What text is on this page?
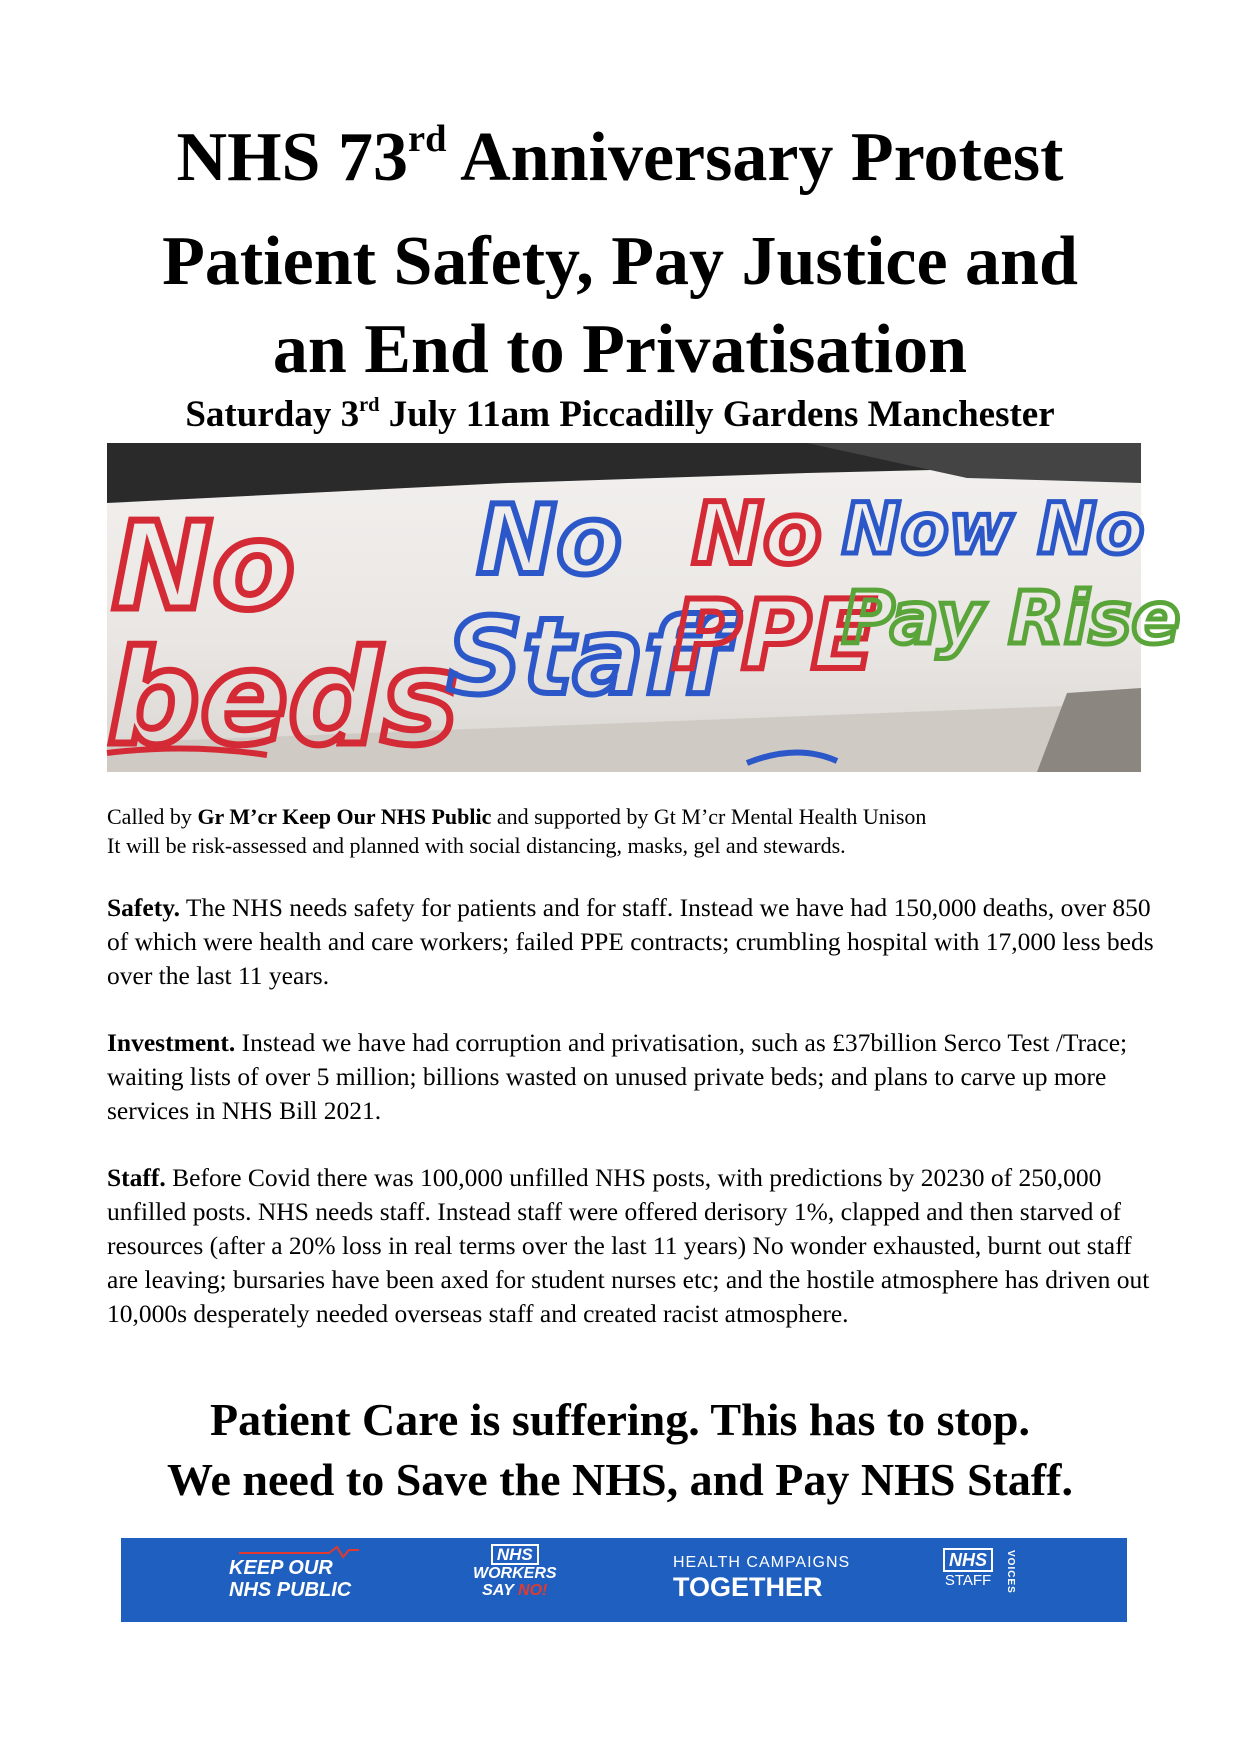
NHS 73rd Anniversary Protest
Patient Safety, Pay Justice and
an End to Privatisation
Saturday 3rd July 11am Piccadilly Gardens Manchester
No
beds
No
Staff
No
PPE
Now No
Pay Rise
Called by Gr M’cr Keep Our NHS Public and supported by Gt M’cr Mental Health Unison
It will be risk-assessed and planned with social distancing, masks, gel and stewards.
Safety. The NHS needs safety for patients and for staff. Instead we have had 150,000 deaths, over 850 of which were health and care workers; failed PPE contracts; crumbling hospital with 17,000 less beds over the last 11 years.
Investment. Instead we have had corruption and privatisation, such as £37billion Serco Test /Trace; waiting lists of over 5 million; billions wasted on unused private beds; and plans to carve up more services in NHS Bill 2021.
Staff. Before Covid there was 100,000 unfilled NHS posts, with predictions by 20230 of 250,000 unfilled posts. NHS needs staff. Instead staff were offered derisory 1%, clapped and then starved of resources (after a 20% loss in real terms over the last 11 years) No wonder exhausted, burnt out staff are leaving; bursaries have been axed for student nurses etc; and the hostile atmosphere has driven out 10,000s desperately needed overseas staff and created racist atmosphere.
Patient Care is suffering. This has to stop.
We need to Save the NHS, and Pay NHS Staff.
KEEP OUR
NHS PUBLIC
NHS
WORKERS
SAY NO!
HEALTH CAMPAIGNS
TOGETHER
NHS
STAFF VOICES
